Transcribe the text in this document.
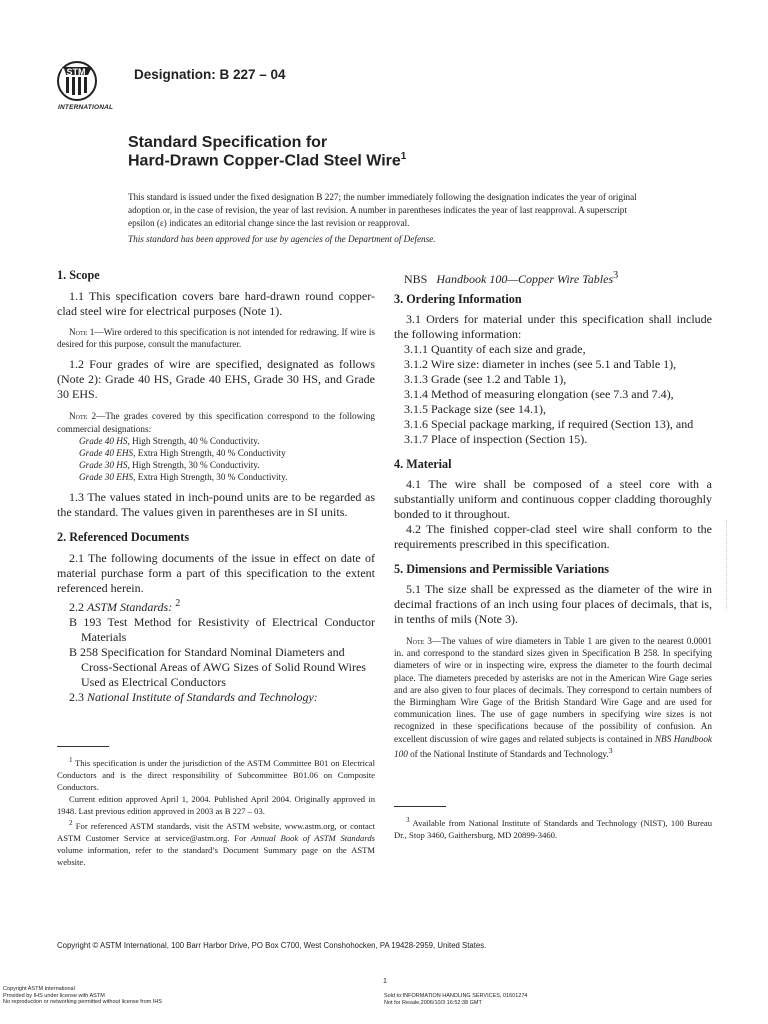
ASTM
INTERNATIONAL
Designation: B 227 – 04
Standard Specification for
Hard-Drawn Copper-Clad Steel Wire$^1$
This standard is issued under the fixed designation B 227; the number immediately following the designation indicates the year of original adoption or, in the case of revision, the year of last revision. A number in parentheses indicates the year of last reapproval. A superscript epsilon (ε) indicates an editorial change since the last revision or reapproval.
This standard has been approved for use by agencies of the Department of Defense.
1. Scope

1.1 This specification covers bare hard-drawn round copper-clad steel wire for electrical purposes (Note 1).

Note 1—Wire ordered to this specification is not intended for redrawing. If wire is desired for this purpose, consult the manufacturer.

1.2 Four grades of wire are specified, designated as follows (Note 2): Grade 40 HS, Grade 40 EHS, Grade 30 HS, and Grade 30 EHS.

Note 2—The grades covered by this specification correspond to the following commercial designations:

Grade 40 HS, High Strength, 40 % Conductivity.
Grade 40 EHS, Extra High Strength, 40 % Conductivity
Grade 30 HS, High Strength, 30 % Conductivity.
Grade 30 EHS, Extra High Strength, 30 % Conductivity.

1.3 The values stated in inch-pound units are to be regarded as the standard. The values given in parentheses are in SI units.

2. Referenced Documents

2.1 The following documents of the issue in effect on date of material purchase form a part of this specification to the extent referenced herein.

2.2 ASTM Standards: $^2$

B 193 Test Method for Resistivity of Electrical Conductor Materials

B 258 Specification for Standard Nominal Diameters and Cross-Sectional Areas of AWG Sizes of Solid Round Wires Used as Electrical Conductors

2.3 National Institute of Standards and Technology:

$^1$ This specification is under the jurisdiction of the ASTM Committee B01 on Electrical Conductors and is the direct responsibility of Subcommittee B01.06 on Composite Conductors.

Current edition approved April 1, 2004. Published April 2004. Originally approved in 1948. Last previous edition approved in 2003 as B 227 – 03.

$^2$ For referenced ASTM standards, visit the ASTM website, www.astm.org, or contact ASTM Customer Service at service@astm.org. For Annual Book of ASTM Standards volume information, refer to the standard’s Document Summary page on the ASTM website.

NBS Handbook 100—Copper Wire Tables$^3$

3. Ordering Information

3.1 Orders for material under this specification shall include the following information:

3.1.1 Quantity of each size and grade,
3.1.2 Wire size: diameter in inches (see 5.1 and Table 1),
3.1.3 Grade (see 1.2 and Table 1),
3.1.4 Method of measuring elongation (see 7.3 and 7.4),
3.1.5 Package size (see 14.1),
3.1.6 Special package marking, if required (Section 13), and
3.1.7 Place of inspection (Section 15).
4. Material

4.1 The wire shall be composed of a steel core with a substantially uniform and continuous copper cladding thoroughly bonded to it throughout.

4.2 The finished copper-clad steel wire shall conform to the requirements prescribed in this specification.

5. Dimensions and Permissible Variations

5.1 The size shall be expressed as the diameter of the wire in decimal fractions of an inch using four places of decimals, that is, in tenths of mils (Note 3).

Note 3—The values of wire diameters in Table 1 are given to the nearest 0.0001 in. and correspond to the standard sizes given in Specification B 258. In specifying diameters of wire or in inspecting wire, express the diameter to the fourth decimal place. The diameters preceded by asterisks are not in the American Wire Gage series and are also given to four places of decimals. They correspond to certain numbers of the Birmingham Wire Gage of the British Standard Wire Gage and are used for communication lines. The use of gage numbers in specifying wire sizes is not recognized in these specifications because of the possibility of confusion. An excellent discussion of wire gages and related subjects is contained in NBS Handbook 100 of the National Institute of Standards and Technology.$^3$

$^3$ Available from National Institute of Standards and Technology (NIST), 100 Bureau Dr., Stop 3460, Gaithersburg, MD 20899-3460.

Copyright © ASTM International, 100 Barr Harbor Drive, PO Box C700, West Conshohocken, PA 19428-2959, United States.
1
Copyright ASTM International
Provided by IHS under license with ASTM
No reproduction or networking permitted without license from IHS
Sold to:INFORMATION HANDLING SERVICES, 01601274
Not for Resale,2006/10/3 16:52:38 GMT
